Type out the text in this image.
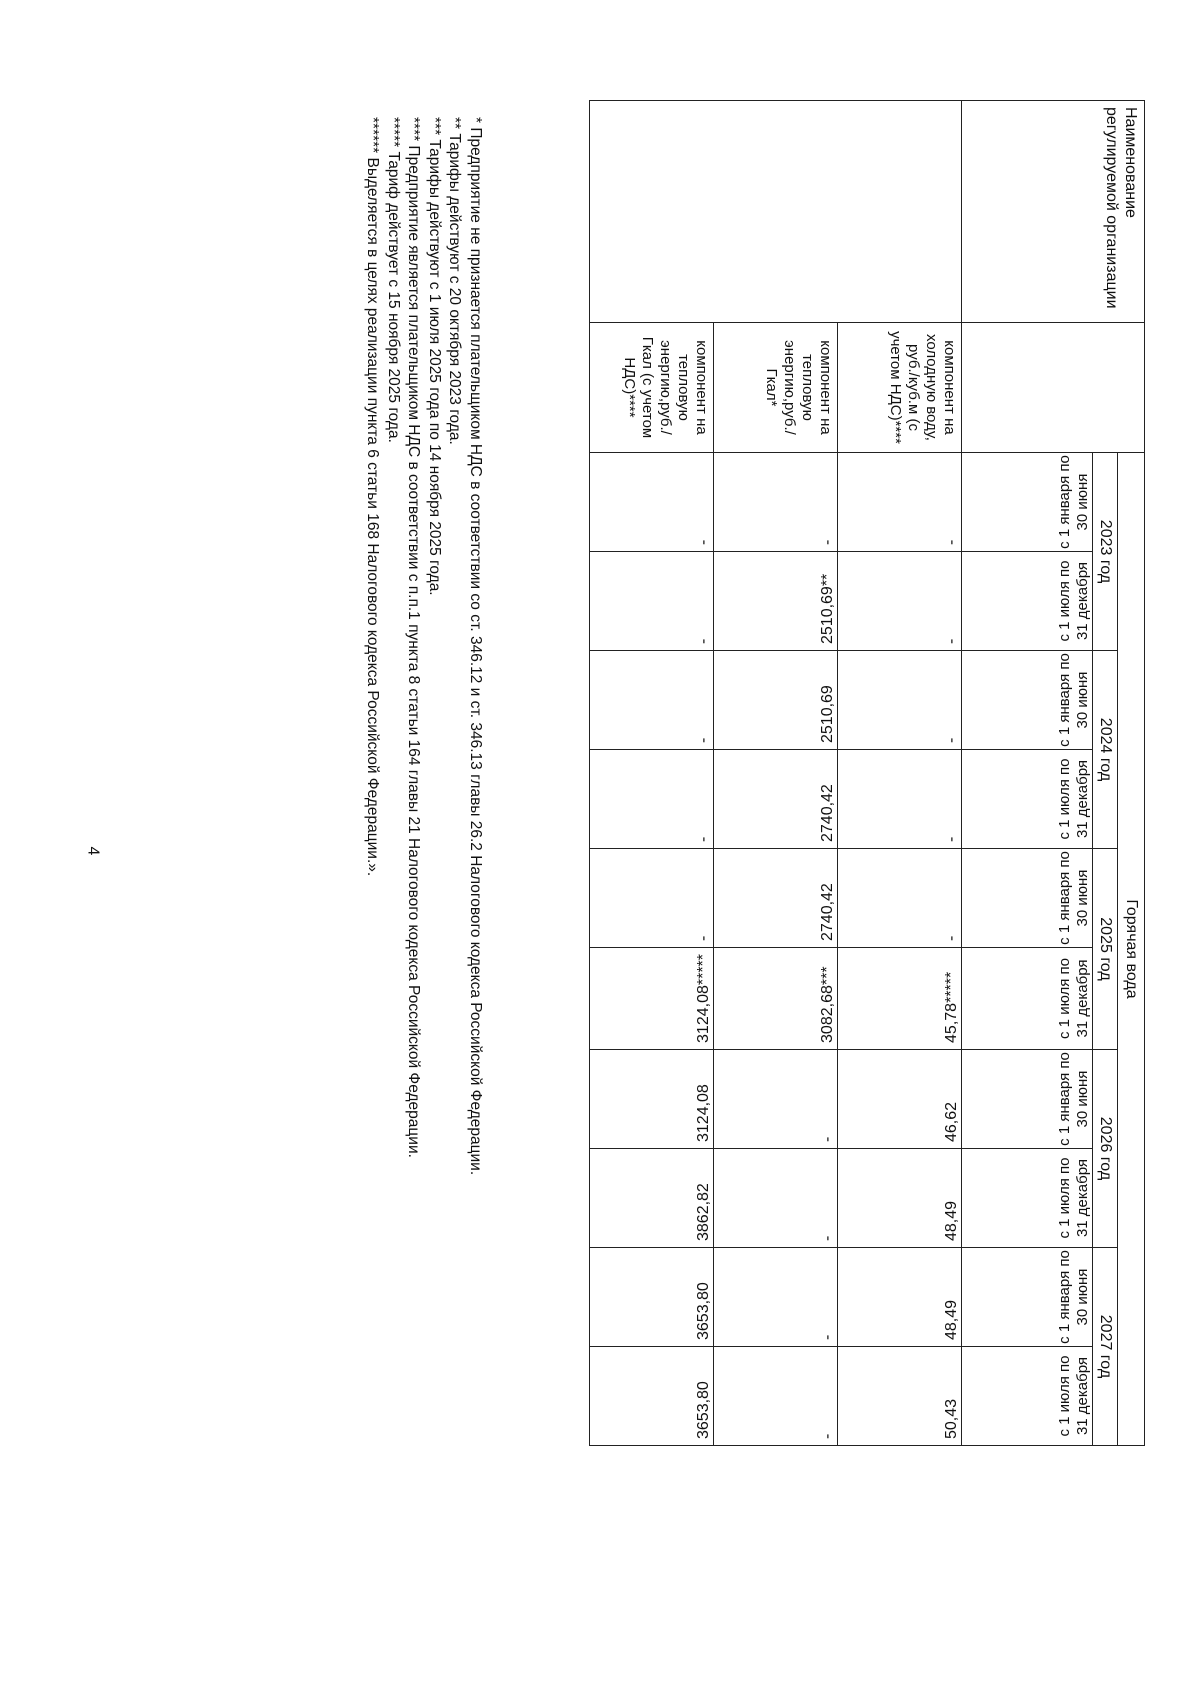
4
Наименование регулируемой организации		Горячая вода									
		2023 год		2024 год		2025 год		2026 год		2027 год	

		с 1 января по 30 июня	с 1 июля по 31 декабря	с 1 января по 30 июня	с 1 июля по 31 декабря	с 1 января по 30 июня	с 1 июля по 31 декабря	с 1 января по 30 июня	с 1 июля по 31 декабря	с 1 января по 30 июня	с 1 июля по 31 декабря

	компонент на холодную воду, руб./куб.м (с учетом НДС)****	-	-	-	-	-	45,78*****	46,62	48,49	48,49	50,43

	компонент на тепловую энергию,руб./Гкал*	-	2510,69**	2510,69	2740,42	2740,42	3082,68***	-	-	-	-

	компонент на тепловую энергию,руб./Гкал (с учетом НДС)****	-	-	-	-	-	3124,08*****	3124,08	3862,82	3653,80	3653,80
* Предприятие не признается плательщиком НДС в соответствии со ст. 346.12 и ст. 346.13 главы 26.2 Налогового кодекса Российской Федерации.
** Тарифы действуют с 20 октября 2023 года.
*** Тарифы действуют с 1 июля 2025 года по 14 ноября 2025 года.
**** Предприятие является плательщиком НДС в соответствии с п.п.1 пункта 8 статьи 164 главы 21 Налогового кодекса Российской Федерации.
***** Тариф действует с 15 ноября 2025 года.
****** Выделяется в целях реализации пункта 6 статьи 168 Налогового кодекса Российской Федерации.».
